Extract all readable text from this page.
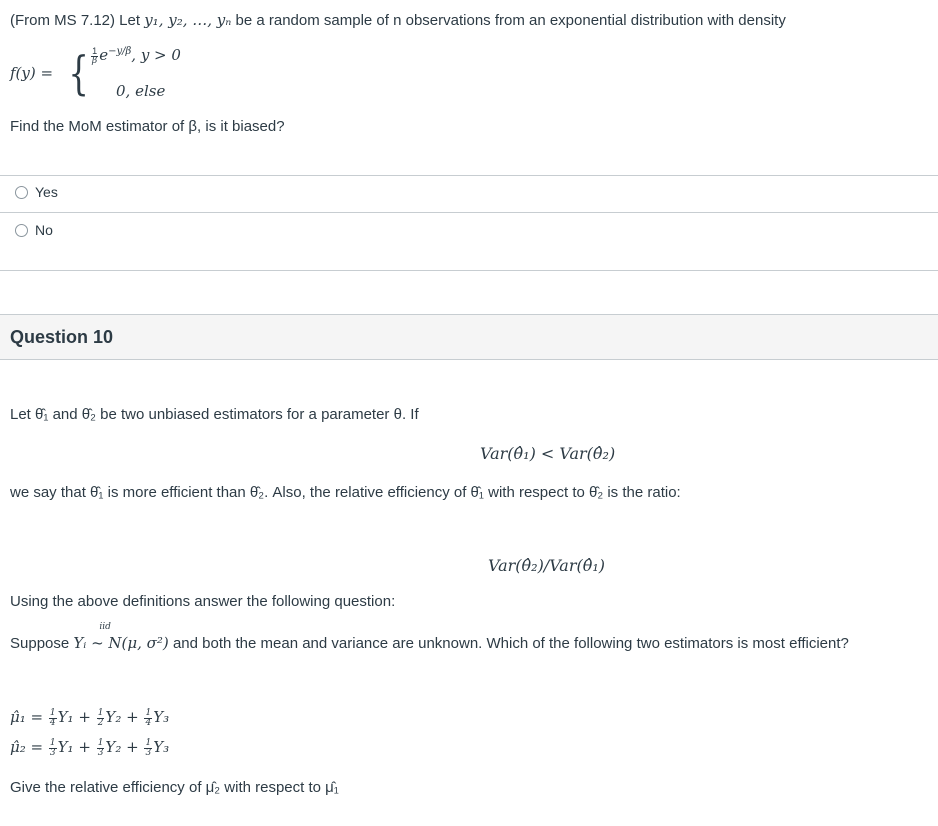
(From MS 7.12) Let y₁, y₂, …, yₙ be a random sample of n observations from an exponential distribution with density
f(y) = { $\frac{1}{\beta} e^{-y/\beta}$, y > 0
0, else
Find the MoM estimator of β, is it biased?
Yes
No
Question 10
Let θ̂₁ and θ̂₂ be two unbiased estimators for a parameter θ. If
Var(θ̂₁) < Var(θ̂₂)
we say that θ̂₁ is more efficient than θ̂₂. Also, the relative efficiency of θ̂₁ with respect to θ̂₂ is the ratio:
Var(θ̂₂)/Var(θ̂₁)
Using the above definitions answer the following question:
Suppose
iid
Yᵢ ~ N(μ, σ²) and both the mean and variance are unknown. Which of the following two estimators is most efficient?
μ̂₁ = $\frac{1}{4} Y_1 + \frac{1}{2} Y_2 + \frac{1}{4} Y_3$
μ̂₂ = $\frac{1}{3} Y_1 + \frac{1}{3} Y_2 + \frac{1}{3} Y_3$
Give the relative efficiency of μ̂₂ with respect to μ̂₁
